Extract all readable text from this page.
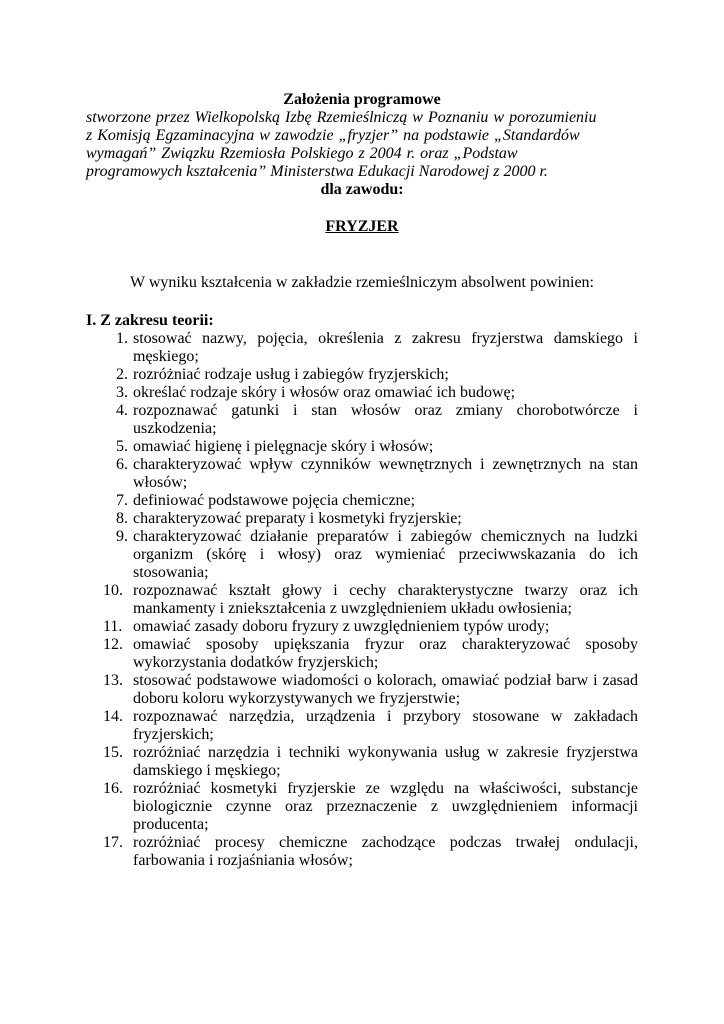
Założenia programowe

stworzone przez Wielkopolską Izbę Rzemieślniczą w Poznaniu w porozumieniu

z Komisją Egzaminacyjna w zawodzie „fryzjer” na podstawie „Standardów

wymagań” Związku Rzemiosła Polskiego z 2004 r. oraz „Podstaw

programowych kształcenia” Ministerstwa Edukacji Narodowej z 2000 r.

dla zawodu:

FRYZJER

W wyniku kształcenia w zakładzie rzemieślniczym absolwent powinien:

I. Z zakresu teorii:

1. stosować nazwy, pojęcia, określenia z zakresu fryzjerstwa damskiego i męskiego;
2. rozróżniać rodzaje usług i zabiegów fryzjerskich;
3. określać rodzaje skóry i włosów oraz omawiać ich budowę;
4. rozpoznawać gatunki i stan włosów oraz zmiany chorobotwórcze i uszkodzenia;
5. omawiać higienę i pielęgnacje skóry i włosów;
6. charakteryzować wpływ czynników wewnętrznych i zewnętrznych na stan włosów;
7. definiować podstawowe pojęcia chemiczne;
8. charakteryzować preparaty i kosmetyki fryzjerskie;
9. charakteryzować działanie preparatów i zabiegów chemicznych na ludzki organizm (skórę i włosy) oraz wymieniać przeciwwskazania do ich stosowania;
10. rozpoznawać kształt głowy i cechy charakterystyczne twarzy oraz ich mankamenty i zniekształcenia z uwzględnieniem układu owłosienia;
11. omawiać zasady doboru fryzury z uwzględnieniem typów urody;
12. omawiać sposoby upiększania fryzur oraz charakteryzować sposoby wykorzystania dodatków fryzjerskich;
13. stosować podstawowe wiadomości o kolorach, omawiać podział barw i zasad doboru koloru wykorzystywanych we fryzjerstwie;
14. rozpoznawać narzędzia, urządzenia i przybory stosowane w zakładach fryzjerskich;
15. rozróżniać narzędzia i techniki wykonywania usług w zakresie fryzjerstwa damskiego i męskiego;
16. rozróżniać kosmetyki fryzjerskie ze względu na właściwości, substancje biologicznie czynne oraz przeznaczenie z uwzględnieniem informacji producenta;
17. rozróżniać procesy chemiczne zachodzące podczas trwałej ondulacji, farbowania i rozjaśniania włosów;
